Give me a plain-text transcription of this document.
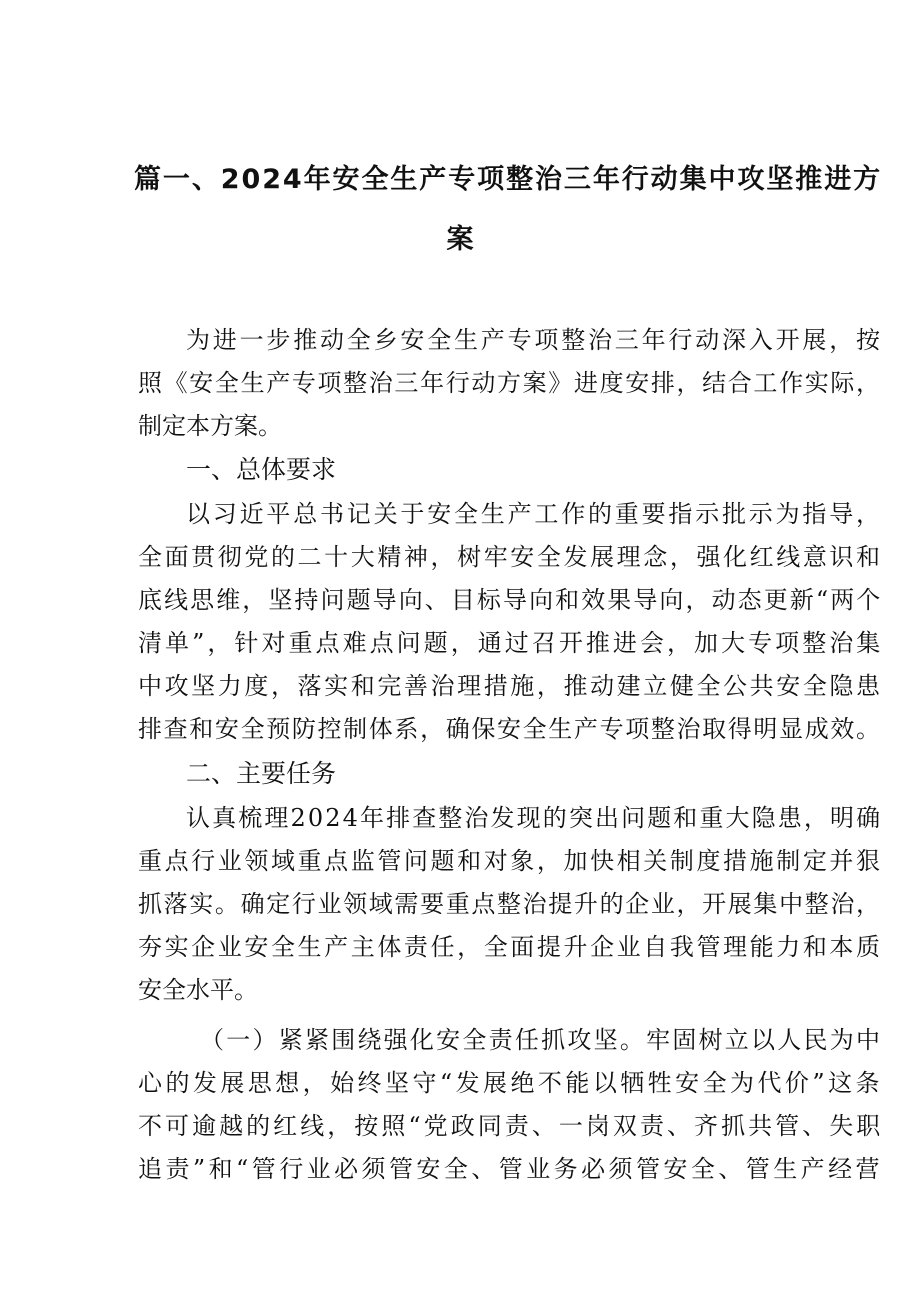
篇一、2024年安全生产专项整治三年行动集中攻坚推进方
案
为进一步推动全乡安全生产专项整治三年行动深入开展，按
照《安全生产专项整治三年行动方案》进度安排，结合工作实际，
制定本方案。
一、总体要求
以习近平总书记关于安全生产工作的重要指示批示为指导，
全面贯彻党的二十大精神，树牢安全发展理念，强化红线意识和
底线思维，坚持问题导向、目标导向和效果导向，动态更新“两个
清单”，针对重点难点问题，通过召开推进会，加大专项整治集
中攻坚力度，落实和完善治理措施，推动建立健全公共安全隐患
排查和安全预防控制体系，确保安全生产专项整治取得明显成效。
二、主要任务
认真梳理2024年排查整治发现的突出问题和重大隐患，明确
重点行业领域重点监管问题和对象，加快相关制度措施制定并狠
抓落实。确定行业领域需要重点整治提升的企业，开展集中整治，
夯实企业安全生产主体责任，全面提升企业自我管理能力和本质
安全水平。
（一）紧紧围绕强化安全责任抓攻坚。牢固树立以人民为中
心的发展思想，始终坚守“发展绝不能以牺牲安全为代价”这条
不可逾越的红线，按照“党政同责、一岗双责、齐抓共管、失职
追责”和“管行业必须管安全、管业务必须管安全、管生产经营
